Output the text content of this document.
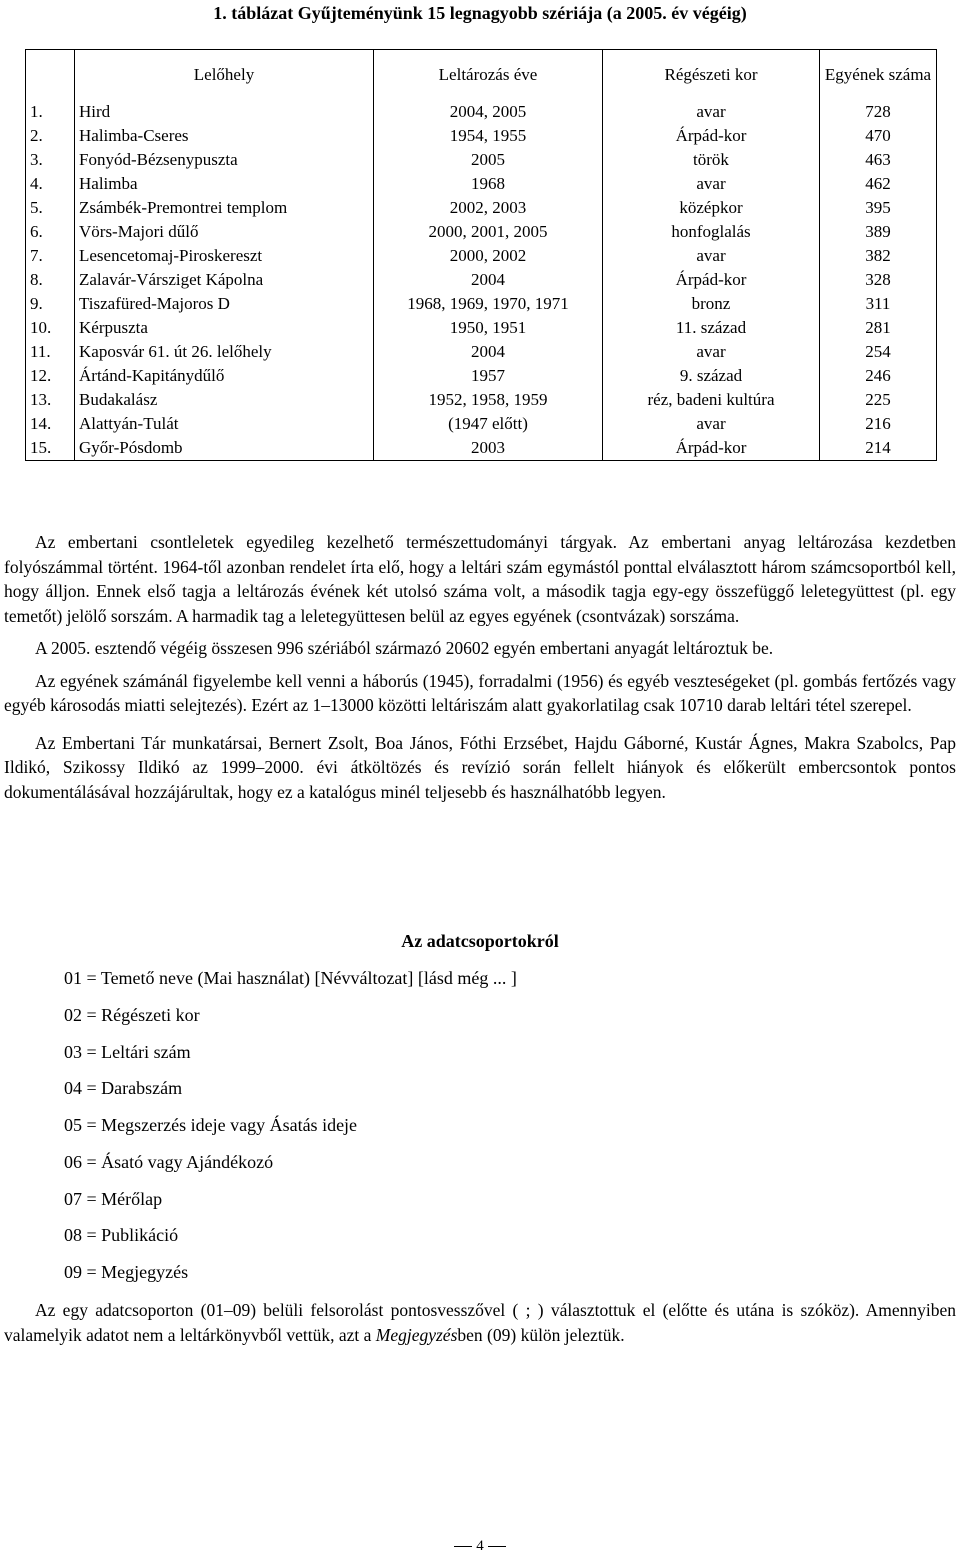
1. táblázat Gyűjteményünk 15 legnagyobb szériája (a 2005. év végéig)
	Lelőhely	Leltározás éve	Régészeti kor	Egyének száma
1.	Hird	2004, 2005	avar	728
2.	Halimba-Cseres	1954, 1955	Árpád-kor	470
3.	Fonyód-Bézsenypuszta	2005	török	463
4.	Halimba	1968	avar	462
5.	Zsámbék-Premontrei templom	2002, 2003	középkor	395
6.	Vörs-Majori dűlő	2000, 2001, 2005	honfoglalás	389
7.	Lesencetomaj-Piroskereszt	2000, 2002	avar	382
8.	Zalavár-Vársziget Kápolna	2004	Árpád-kor	328
9.	Tiszafüred-Majoros D	1968, 1969, 1970, 1971	bronz	311
10.	Kérpuszta	1950, 1951	11. század	281
11.	Kaposvár 61. út 26. lelőhely	2004	avar	254
12.	Ártánd-Kapitánydűlő	1957	9. század	246
13.	Budakalász	1952, 1958, 1959	réz, badeni kultúra	225
14.	Alattyán-Tulát	(1947 előtt)	avar	216
15.	Győr-Pósdomb	2003	Árpád-kor	214

Az embertani csontleletek egyedileg kezelhető természettudományi tárgyak. Az embertani anyag leltározása kezdetben folyószámmal történt. 1964-től azonban rendelet írta elő, hogy a leltári szám egymástól ponttal elválasztott három számcsoportból kell, hogy álljon. Ennek első tagja a leltározás évének két utolsó száma volt, a második tagja egy-egy összefüggő leletegyüttest (pl. egy temetőt) jelölő sorszám. A harmadik tag a leletegyüttesen belül az egyes egyének (csontvázak) sorszáma.

A 2005. esztendő végéig összesen 996 szériából származó 20602 egyén embertani anyagát leltároztuk be.

Az egyének számánál figyelembe kell venni a háborús (1945), forradalmi (1956) és egyéb veszteségeket (pl. gombás fertőzés vagy egyéb károsodás miatti selejtezés). Ezért az 1–13000 közötti leltáriszám alatt gyakorlatilag csak 10710 darab leltári tétel szerepel.

Az Embertani Tár munkatársai, Bernert Zsolt, Boa János, Fóthi Erzsébet, Hajdu Gáborné, Kustár Ágnes, Makra Szabolcs, Pap Ildikó, Szikossy Ildikó az 1999–2000. évi átköltözés és revízió során fellelt hiányok és előkerült embercsontok pontos dokumentálásával hozzájárultak, hogy ez a katalógus minél teljesebb és használhatóbb legyen.

Az adatcsoportokról
01 = Temető neve (Mai használat) [Névváltozat] [lásd még ... ]
02 = Régészeti kor
03 = Leltári szám
04 = Darabszám
05 = Megszerzés ideje vagy Ásatás ideje
06 = Ásató vagy Ajándékozó
07 = Mérőlap
08 = Publikáció
09 = Megjegyzés

Az egy adatcsoporton (01–09) belüli felsorolást pontosvesszővel ( ; ) választottuk el (előtte és utána is szóköz). Amennyiben valamelyik adatot nem a leltárkönyvből vettük, azt a Megjegyzésben (09) külön jeleztük.

4
